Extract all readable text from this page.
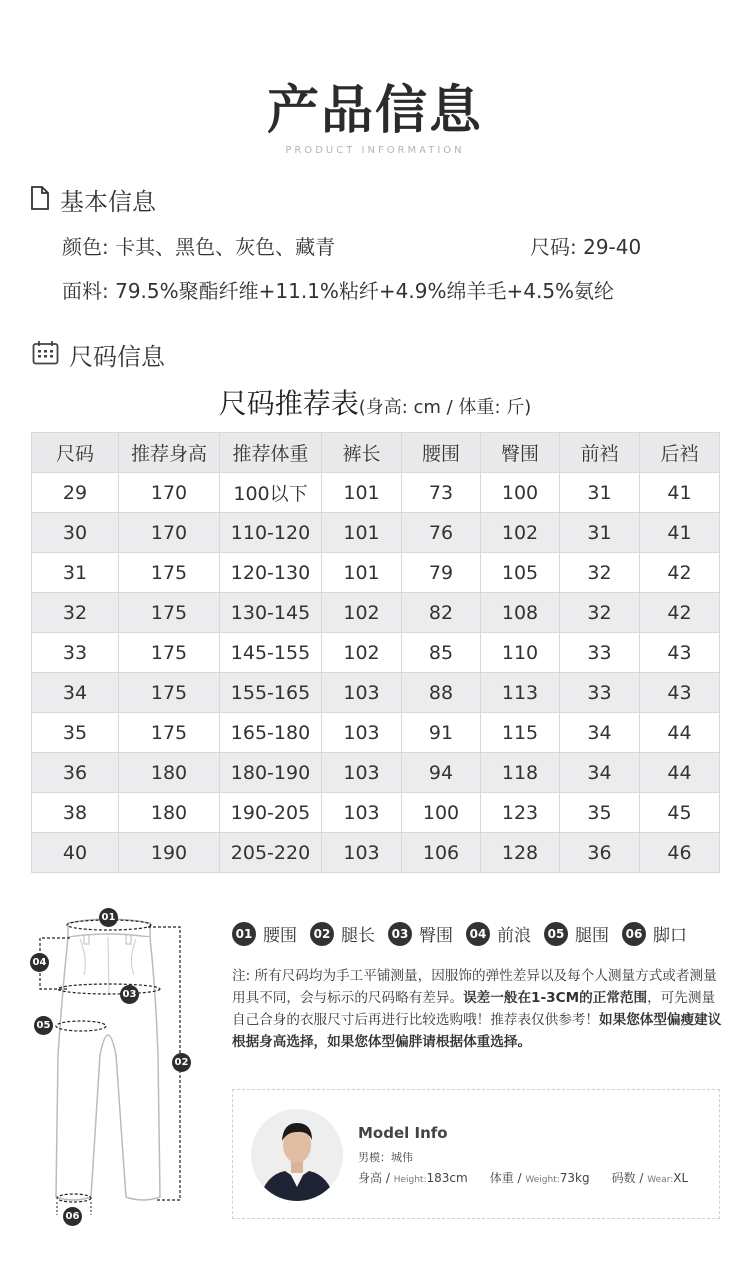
产品信息
PRODUCT INFORMATION
基本信息
颜色: 卡其、黑色、灰色、藏青	尺码: 29-40
面料: 79.5%聚酯纤维+11.1%粘纤+4.9%绵羊毛+4.5%氨纶
尺码信息
尺码推荐表(身高: cm / 体重: 斤)
尺码	推荐身高	推荐体重	裤长	腰围	臀围	前裆	后裆
29	170	100以下	101	73	100	31	41
30	170	110-120	101	76	102	31	41
31	175	120-130	101	79	105	32	42
32	175	130-145	102	82	108	32	42
33	175	145-155	102	85	110	33	43
34	175	155-165	103	88	113	33	43
35	175	165-180	103	91	115	34	44
36	180	180-190	103	94	118	34	44
38	180	190-205	103	100	123	35	45
40	190	205-220	103	106	128	36	46
01
02
03
04
05
06
01 腰围	02 腿长	03 臀围	04 前浪	05 腿围	06 脚口
注: 所有尺码均为手工平铺测量，因服饰的弹性差异以及每个人测量方式或者测量用具不同，会与标示的尺码略有差异。误差一般在1-3CM的正常范围，可先测量自己合身的衣服尺寸后再进行比较选购哦！推荐表仅供参考！如果您体型偏瘦建议根据身高选择，如果您体型偏胖请根据体重选择。
Model Info
男模：城伟
身高 / Height:183cm 体重 / Weight:73kg 码数 / Wear:XL
